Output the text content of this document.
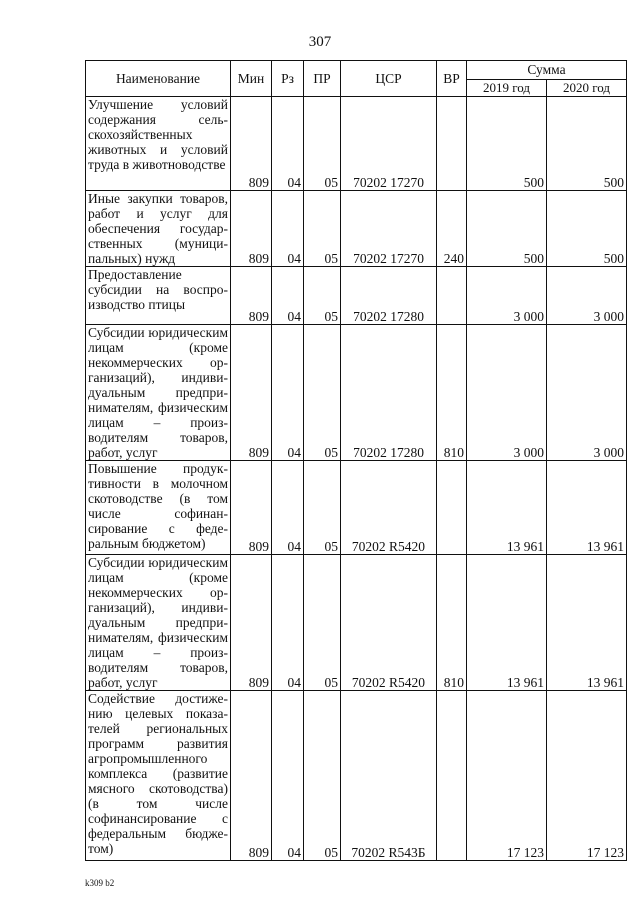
307
Наименование	Мин	Рз	ПР	ЦСР	ВР	Сумма	
						2019 год	2020 год
Улучшение условий содержания сельскохозяйственных животных и условий труда в животноводстве	809	04	05	70202 17270		500	500
Иные закупки товаров, работ и услуг для обеспечения государственных (муниципальных) нужд	809	04	05	70202 17270	240	500	500
Предоставление субсидии на воспроизводство птицы	809	04	05	70202 17280		3 000	3 000
Субсидии юридическим лицам (кроме некоммерческих организаций), индивидуальным предпринимателям, физическим лицам – производителям товаров, работ, услуг	809	04	05	70202 17280	810	3 000	3 000
Повышение продуктивности в молочном скотоводстве (в том числе софинансирование с федеральным бюджетом)	809	04	05	70202 R5420		13 961	13 961
Субсидии юридическим лицам (кроме некоммерческих организаций), индивидуальным предпринимателям, физическим лицам – производителям товаров, работ, услуг	809	04	05	70202 R5420	810	13 961	13 961
Содействие достижению целевых показателей региональных программ развития агропромышленного комплекса (развитие мясного скотоводства) (в том числе софинансирование с федеральным бюджетом)	809	04	05	70202 R543Б		17 123	17 123
k309 b2
